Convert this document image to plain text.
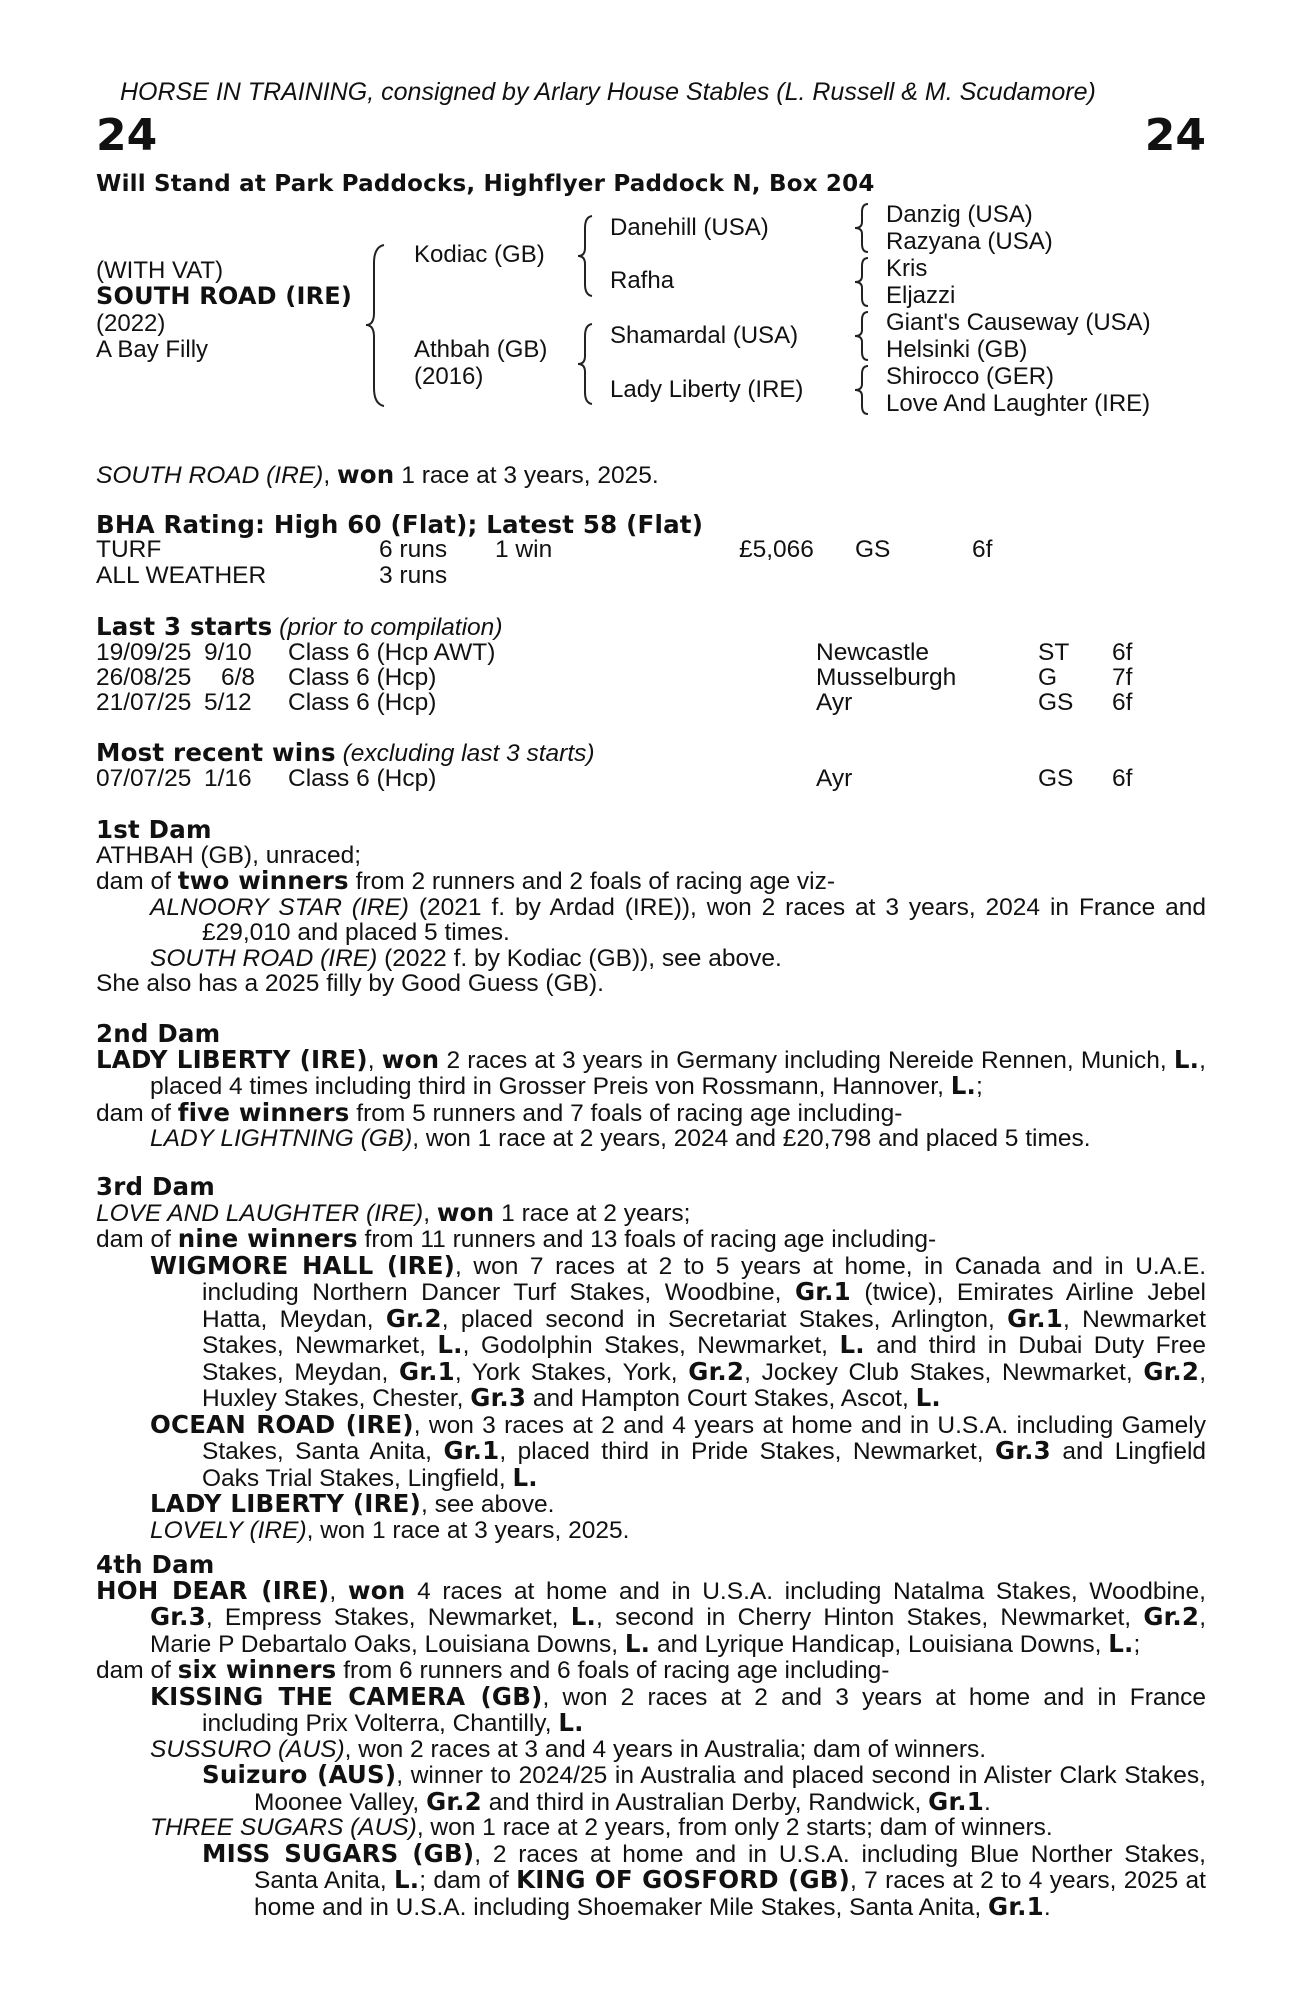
HORSE IN TRAINING, consigned by Arlary House Stables (L. Russell & M. Scudamore)
24	24
Will Stand at Park Paddocks, Highflyer Paddock N, Box 204
(WITH VAT)
SOUTH ROAD (IRE)
(2022)
A Bay Filly
Kodiac (GB)
Athbah (GB)
(2016)
Danehill (USA)
Rafha
Shamardal (USA)
Lady Liberty (IRE)
Danzig (USA)
Razyana (USA)
Kris
Eljazzi
Giant's Causeway (USA)
Helsinki (GB)
Shirocco (GER)
Love And Laughter (IRE)
SOUTH ROAD (IRE), won 1 race at 3 years, 2025.
BHA Rating: High 60 (Flat); Latest 58 (Flat)
TURF	6 runs 1 win	£5,066 GS	6f
ALL WEATHER	3 runs
Last 3 starts (prior to compilation)
19/09/25 9/10 Class 6 (Hcp AWT)	Newcastle	ST 6f
26/08/25 6/8 Class 6 (Hcp)	Musselburgh	G 7f
21/07/25 5/12 Class 6 (Hcp)	Ayr	GS 6f
Most recent wins (excluding last 3 starts)
07/07/25 1/16 Class 6 (Hcp)	Ayr	GS 6f

1st Dam

ATHBAH (GB), unraced;

dam of two winners from 2 runners and 2 foals of racing age viz-

ALNOORY STAR (IRE) (2021 f. by Ardad (IRE)), won 2 races at 3 years, 2024 in France and £29,010 and placed 5 times.

SOUTH ROAD (IRE) (2022 f. by Kodiac (GB)), see above.

She also has a 2025 filly by Good Guess (GB).

2nd Dam

LADY LIBERTY (IRE), won 2 races at 3 years in Germany including Nereide Rennen, Munich, L., placed 4 times including third in Grosser Preis von Rossmann, Hannover, L.;

dam of five winners from 5 runners and 7 foals of racing age including-

LADY LIGHTNING (GB), won 1 race at 2 years, 2024 and £20,798 and placed 5 times.

3rd Dam

LOVE AND LAUGHTER (IRE), won 1 race at 2 years;

dam of nine winners from 11 runners and 13 foals of racing age including-

WIGMORE HALL (IRE), won 7 races at 2 to 5 years at home, in Canada and in U.A.E. including Northern Dancer Turf Stakes, Woodbine, Gr.1 (twice), Emirates Airline Jebel Hatta, Meydan, Gr.2, placed second in Secretariat Stakes, Arlington, Gr.1, Newmarket Stakes, Newmarket, L., Godolphin Stakes, Newmarket, L. and third in Dubai Duty Free Stakes, Meydan, Gr.1, York Stakes, York, Gr.2, Jockey Club Stakes, Newmarket, Gr.2, Huxley Stakes, Chester, Gr.3 and Hampton Court Stakes, Ascot, L.

OCEAN ROAD (IRE), won 3 races at 2 and 4 years at home and in U.S.A. including Gamely Stakes, Santa Anita, Gr.1, placed third in Pride Stakes, Newmarket, Gr.3 and Lingfield Oaks Trial Stakes, Lingfield, L.

LADY LIBERTY (IRE), see above.

LOVELY (IRE), won 1 race at 3 years, 2025.

4th Dam

HOH DEAR (IRE), won 4 races at home and in U.S.A. including Natalma Stakes, Woodbine, Gr.3, Empress Stakes, Newmarket, L., second in Cherry Hinton Stakes, Newmarket, Gr.2, Marie P Debartalo Oaks, Louisiana Downs, L. and Lyrique Handicap, Louisiana Downs, L.;

dam of six winners from 6 runners and 6 foals of racing age including-

KISSING THE CAMERA (GB), won 2 races at 2 and 3 years at home and in France including Prix Volterra, Chantilly, L.

SUSSURO (AUS), won 2 races at 3 and 4 years in Australia; dam of winners.

Suizuro (AUS), winner to 2024/25 in Australia and placed second in Alister Clark Stakes, Moonee Valley, Gr.2 and third in Australian Derby, Randwick, Gr.1.

THREE SUGARS (AUS), won 1 race at 2 years, from only 2 starts; dam of winners.

MISS SUGARS (GB), 2 races at home and in U.S.A. including Blue Norther Stakes, Santa Anita, L.; dam of KING OF GOSFORD (GB), 7 races at 2 to 4 years, 2025 at home and in U.S.A. including Shoemaker Mile Stakes, Santa Anita, Gr.1.
